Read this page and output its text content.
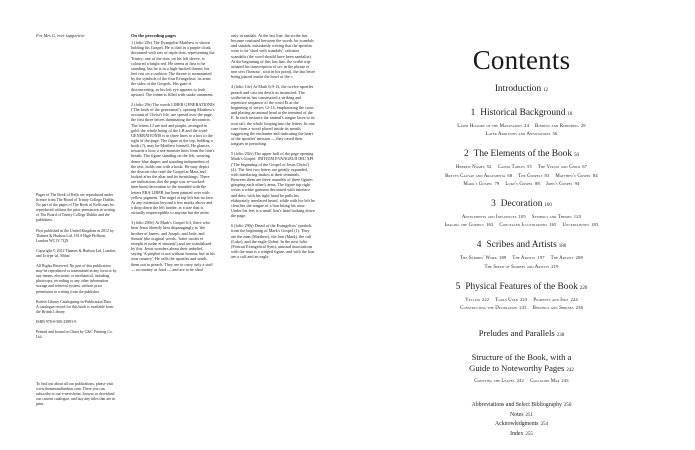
For Mrs G, ever supportive

Pages of The Book of Kells are reproduced under licence from The Board of Trinity College Dublin. No part of the pages of The Book of Kells may be reproduced without the prior permission in writing of The Board of Trinity College Dublin and the publishers.

First published in the United Kingdom in 2012 by Thames & Hudson Ltd, 181A High Holborn, London WC1V 7QX

Copyright © 2012 Thames & Hudson Ltd, London, and Urtype srl, Milan

All Rights Reserved. No part of this publication may be reproduced or transmitted in any form or by any means, electronic or mechanical, including photocopy, recording or any other information storage and retrieval system, without prior permission in writing from the publisher.

British Library Cataloguing-in-Publication Data
A catalogue record for this book is available from the British Library

ISBN 978-0-500-23893-9

Printed and bound in China by C&C Printing Co. Ltd.

To find out about all our publications, please visit www.thamesandhudson.com. There you can subscribe to our e-newsletter, browse or download our current catalogue, and buy any titles that are in print.

On the preceding pages

1 (folio 28v) The Evangelist Matthew is shown holding his Gospel. He is clad in a purple cloak, decorated with sets of triple dots, representing the Trinity; one of the dots, on his left sleeve, is coloured a bright red. He seems at first to be standing, but he is in a high-backed throne; his feet rest on a cushion. The throne is surmounted by the symbols of the four Evangelists, its arms the sides of the Gospels. His gaze is disconcerting, as his left eye appears to look upward. The frame is filled with snake ornament.

2 (folio 29r) The words LIBER GENERATIONIS ('The book of the generation'), opening Matthew's account of Christ's life, are spread over the page, the first three letters dominating the decoration. The letters LI are tied and purple, arranged in gold; the whole being of the LB and the word GENERATIONIS is in three lines to a box to the right of the page. The figure at the top, holding a book (?), may be Matthew himself. He glances towards a lion; a sea-monster bites from the lion's breath. The figure standing on the left, wearing dense blue drapes and standing independent of the text, holds one with a book. He may depict the deacon who read the Gospel at Mass and looked after the altar and its furnishings. There are indications that the page was re-worked: interlaced decoration in the rounded with the letters ERA LIBER has been painted over with yellow pigment. The angel at top left has no face. At any extension beyond a few marks above and a drop down the left border, at a size that is virtually imperceptible to anyone but the artist.

3 (folio 290v) At Mark's Gospel 6:3, there who hear Jesus identify him disparagingly as 'the brother of James, and Joseph, and Jude, and Simon' (the original words, 'frater iacobi et iosephi et iudae et simonis') and are scandalized by this. Jesus wonders about their unbelief, saying 'A prophet is not without honour, but in his own country'. He calls the apostles and sends them out to preach. They are to carry only a staff — no money or food — and are to be shod

only in sandals. At the last line, the scribe has become confused between the words for scandals and sandals, mistakenly writing that the apostles were to be 'shod with scandals', calciatos scandalis (the word should have been sandaliis). At the beginning of this last line, the scribe trip-ornated his transcription of sec in the phrase et non sect ('honour', sixit in his point), the last letter being placed inside the bowl of the c.

4 (folio 14v) At Mark 6:9-13, the twelve apostles preach and cast out devils as instructed. The scribe/artist has constructed a striking and repetitive sequence of the word Et at the beginning of verses 12-14, emphasizing the cross and placing an animal head at the terminal of the E. In each instance the animal's tongue laces to its own tail, the whole looping into the letters. In one case from a wood placed inside its mouth, suggesting the enchanter and indicating the heart of the apostles' mission — they cased their tongues in preaching.

5 (folio 292r) The upper half of the page opening Mark's Gospel: INITIUM EVANGELII IHU XPI ('The beginning of the Gospel of Jesus Christ') (4). The first two letters are greatly expanded, with interlacing snakes at their terminals. Between them are three roundels of three figures grasping each other's arms. The figure top right wears a white garment decorated with interlace and dots; with his right hand he pulls his elaborately interlaced beard, while with his left he clenches the tongue of a lion biting his nose. Under his feet is a small lion's head looking down the page.

6 (folio 290r) Detail of the Evangelists' symbols from the beginning of Mark's Gospel (1). They are the man (Matthew), the lion (Mark), the calf (Luke), and the eagle (John). In the next folio (Portrait Evangelical Sym), unusual associations with the man is a winged figure, and with the lion are a calf and an eagle.

Contents
Introduction 12
1 Historical Background 18
Later History of the Manuscript 24 Binding and Rebinding 29
Later Additions and Annotations 36
2 The Elements of the Book 50
Hebrew Names 52 Canon Tables 55 The Virgin and Child 67
Breves Causae and Argumenta 68 The Gospels 83 Matthew's Gospel 84
Mark's Gospel 79 Luke's Gospel 88 John's Gospel 94
3 Decoration 100
Antecedents and Influences 105 Symbols and Themes 123
Imaging the Gospels 163 Concealed Illustrations 165 Uncertainties 183
4 Scribes and Artists 186
The Scribes' Work 189 The Artists 197 The Artists 208
The Speed of Scribes and Artists 219
5 Physical Features of the Book 220
Vellum 222 Tools Used 223 Pigments and Inks 224
Constructing the Decoration 233 Bindings and Shrines 236
Preludes and Parallels 238
Structure of the Book, with a
Guide to Noteworthy Pages 242
Counting the Leaves 242 Collation Map 243
Abbreviations and Select Bibliography 250
Notes 251
Acknowledgments 254
Index 255
